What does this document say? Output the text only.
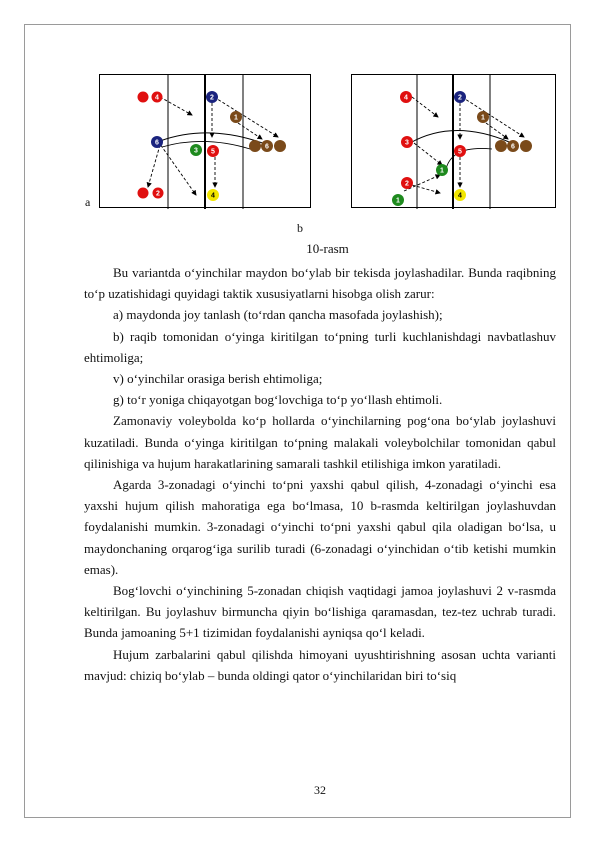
a
4	2
1
6
3 5
6
2	4
4	2
1
3
5
6
1
2
1
4
b
10-rasm

Bu variantda o‘yinchilar maydon bo‘ylab bir tekisda joylashadilar. Bunda raqibning to‘p uzatishidagi quyidagi taktik xususiyatlarni hisobga olish zarur:

a) maydonda joy tanlash (to‘rdan qancha masofada joylashish);

b) raqib tomonidan o‘yinga kiritilgan to‘pning turli kuchlanishdagi navbatlashuv ehtimoliga;

v) o‘yinchilar orasiga berish ehtimoliga;

g) to‘r yoniga chiqayotgan bog‘lovchiga to‘p yo‘llash ehtimoli.

Zamonaviy voleybolda ko‘p hollarda o‘yinchilarning pog‘ona bo‘ylab joylashuvi kuzatiladi. Bunda o‘yinga kiritilgan to‘pning malakali voleybolchilar tomonidan qabul qilinishiga va hujum harakatlarining samarali tashkil etilishiga imkon yaratiladi.

Agarda 3-zonadagi o‘yinchi to‘pni yaxshi qabul qilish, 4-zonadagi o‘yinchi esa yaxshi hujum qilish mahoratiga ega bo‘lmasa, 10 b-rasmda keltirilgan joylashuvdan foydalanishi mumkin. 3-zonadagi o‘yinchi to‘pni yaxshi qabul qila oladigan bo‘lsa, u maydonchaning orqarog‘iga surilib turadi (6-zonadagi o‘yinchidan o‘tib ketishi mumkin emas).

Bog‘lovchi o‘yinchining 5-zonadan chiqish vaqtidagi jamoa joylashuvi 2 v-rasmda keltirilgan. Bu joylashuv birmuncha qiyin bo‘lishiga qaramasdan, tez-tez uchrab turadi. Bunda jamoaning 5+1 tizimidan foydalanishi ayniqsa qo‘l keladi.

Hujum zarbalarini qabul qilishda himoyani uyushtirishning asosan uchta varianti mavjud: chiziq bo‘ylab – bunda oldingi qator o‘yinchilaridan biri to‘siq

32
